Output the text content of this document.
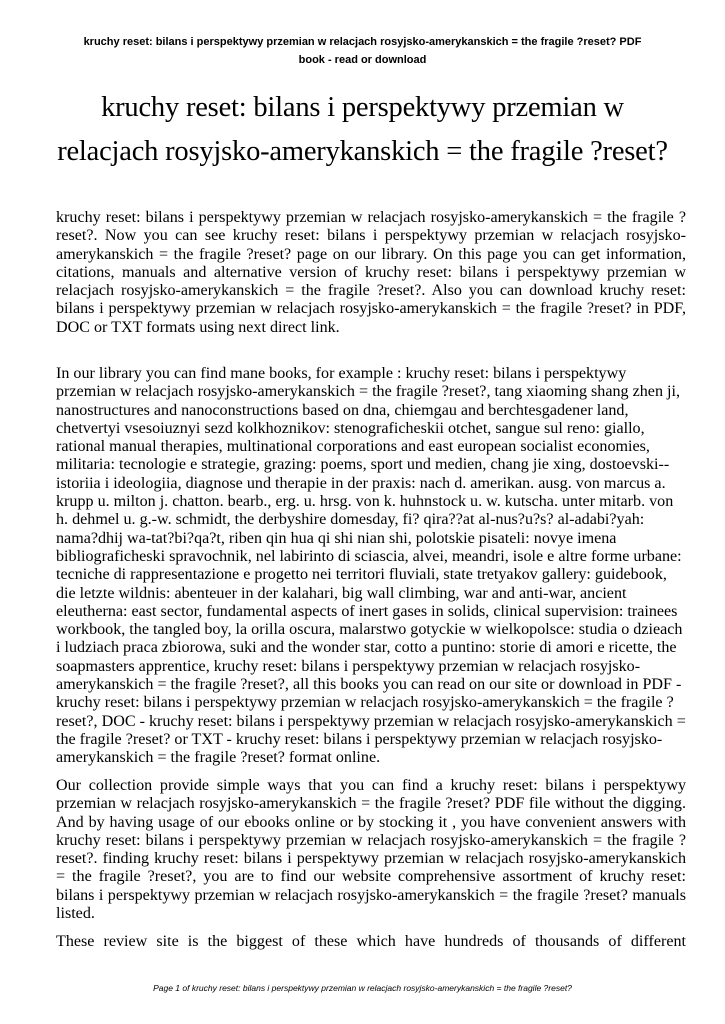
kruchy reset: bilans i perspektywy przemian w relacjach rosyjsko-amerykanskich = the fragile ?reset? PDF
book - read or download
kruchy reset: bilans i perspektywy przemian w
relacjach rosyjsko-amerykanskich = the fragile ?reset?

kruchy reset: bilans i perspektywy przemian w relacjach rosyjsko-amerykanskich = the fragile ?reset?. Now you can see kruchy reset: bilans i perspektywy przemian w relacjach rosyjsko-amerykanskich = the fragile ?reset? page on our library. On this page you can get information, citations, manuals and alternative version of kruchy reset: bilans i perspektywy przemian w relacjach rosyjsko-amerykanskich = the fragile ?reset?. Also you can download kruchy reset: bilans i perspektywy przemian w relacjach rosyjsko-amerykanskich = the fragile ?reset? in PDF, DOC or TXT formats using next direct link.

In our library you can find mane books, for example : kruchy reset: bilans i perspektywy przemian w relacjach rosyjsko-amerykanskich = the fragile ?reset?, tang xiaoming shang zhen ji, nanostructures and nanoconstructions based on dna, chiemgau and berchtesgadener land, chetvertyi vsesoiuznyi sezd kolkhoznikov: stenograficheskii otchet, sangue sul reno: giallo, rational manual therapies, multinational corporations and east european socialist economies, militaria: tecnologie e strategie, grazing: poems, sport und medien, chang jie xing, dostoevski--istoriia i ideologiia, diagnose und therapie in der praxis: nach d. amerikan. ausg. von marcus a. krupp u. milton j. chatton. bearb., erg. u. hrsg. von k. huhnstock u. w. kutscha. unter mitarb. von h. dehmel u. g.-w. schmidt, the derbyshire domesday, fi? qira??at al-nus?u?s? al-adabi?yah: nama?dhij wa-tat?bi?qa?t, riben qin hua qi shi nian shi, polotskie pisateli: novye imena bibliograficheski spravochnik, nel labirinto di sciascia, alvei, meandri, isole e altre forme urbane: tecniche di rappresentazione e progetto nei territori fluviali, state tretyakov gallery: guidebook, die letzte wildnis: abenteuer in der kalahari, big wall climbing, war and anti-war, ancient eleutherna: east sector, fundamental aspects of inert gases in solids, clinical supervision: trainees workbook, the tangled boy, la orilla oscura, malarstwo gotyckie w wielkopolsce: studia o dzieach i ludziach praca zbiorowa, suki and the wonder star, cotto a puntino: storie di amori e ricette, the soapmasters apprentice, kruchy reset: bilans i perspektywy przemian w relacjach rosyjsko-amerykanskich = the fragile ?reset?, all this books you can read on our site or download in PDF - kruchy reset: bilans i perspektywy przemian w relacjach rosyjsko-amerykanskich = the fragile ?reset?, DOC - kruchy reset: bilans i perspektywy przemian w relacjach rosyjsko-amerykanskich = the fragile ?reset? or TXT - kruchy reset: bilans i perspektywy przemian w relacjach rosyjsko-amerykanskich = the fragile ?reset? format online.

Our collection provide simple ways that you can find a kruchy reset: bilans i perspektywy przemian w relacjach rosyjsko-amerykanskich = the fragile ?reset? PDF file without the digging. And by having usage of our ebooks online or by stocking it , you have convenient answers with kruchy reset: bilans i perspektywy przemian w relacjach rosyjsko-amerykanskich = the fragile ?reset?. finding kruchy reset: bilans i perspektywy przemian w relacjach rosyjsko-amerykanskich = the fragile ?reset?, you are to find our website comprehensive assortment of kruchy reset: bilans i perspektywy przemian w relacjach rosyjsko-amerykanskich = the fragile ?reset? manuals listed.

These review site is the biggest of these which have hundreds of thousands of different

Page 1 of kruchy reset: bilans i perspektywy przemian w relacjach rosyjsko-amerykanskich = the fragile ?reset?
